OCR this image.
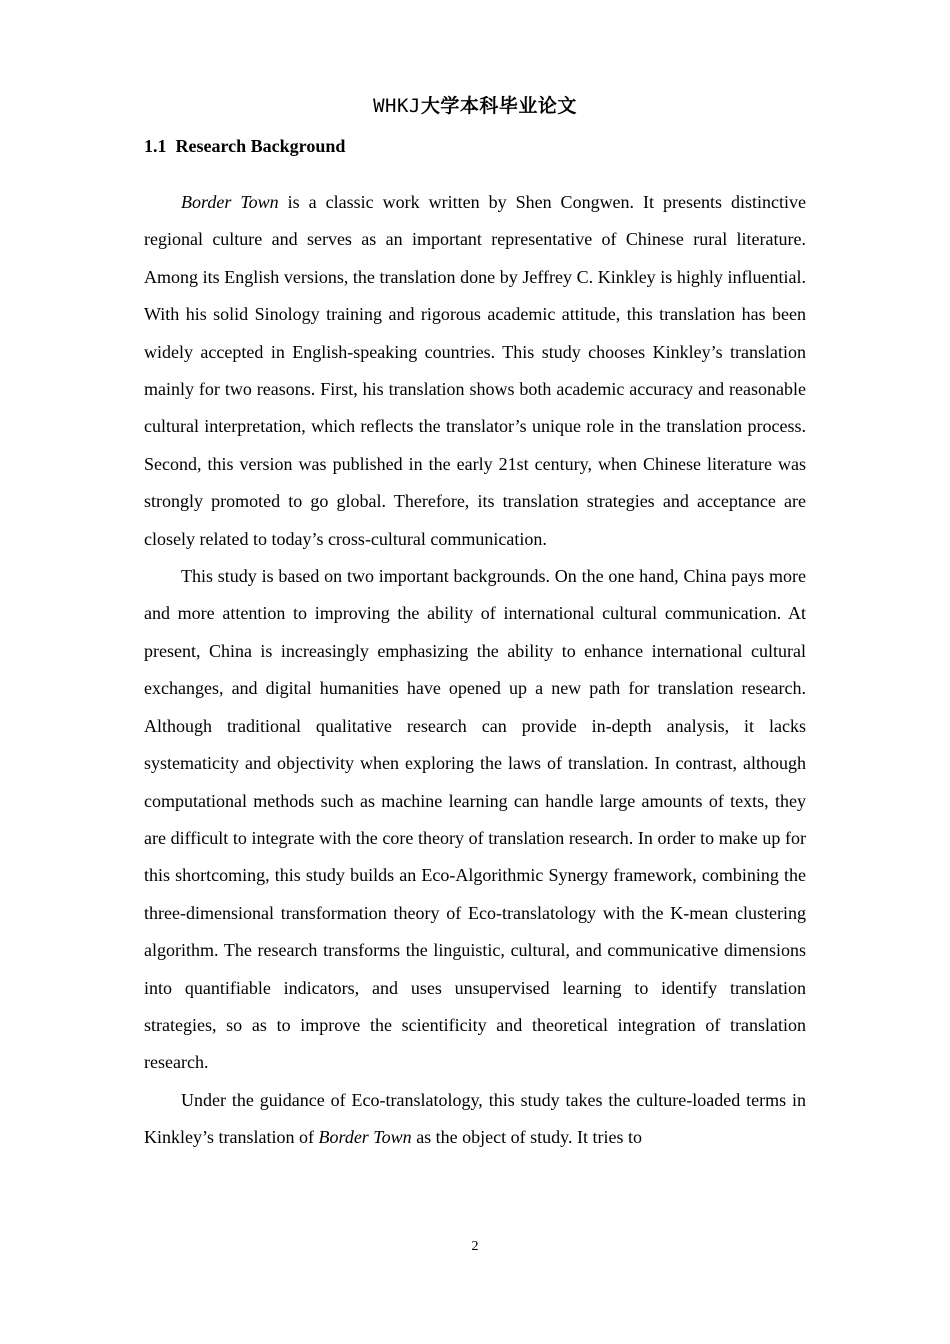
WHKJ大学本科毕业论文
1.1 Research Background

Border Town is a classic work written by Shen Congwen. It presents distinctive regional culture and serves as an important representative of Chinese rural literature. Among its English versions, the translation done by Jeffrey C. Kinkley is highly influential. With his solid Sinology training and rigorous academic attitude, this translation has been widely accepted in English-speaking countries. This study chooses Kinkley’s translation mainly for two reasons. First, his translation shows both academic accuracy and reasonable cultural interpretation, which reflects the translator’s unique role in the translation process. Second, this version was published in the early 21st century, when Chinese literature was strongly promoted to go global. Therefore, its translation strategies and acceptance are closely related to today’s cross-cultural communication.

This study is based on two important backgrounds. On the one hand, China pays more and more attention to improving the ability of international cultural communication. At present, China is increasingly emphasizing the ability to enhance international cultural exchanges, and digital humanities have opened up a new path for translation research. Although traditional qualitative research can provide in-depth analysis, it lacks systematicity and objectivity when exploring the laws of translation. In contrast, although computational methods such as machine learning can handle large amounts of texts, they are difficult to integrate with the core theory of translation research. In order to make up for this shortcoming, this study builds an Eco-Algorithmic Synergy framework, combining the three-dimensional transformation theory of Eco-translatology with the K-mean clustering algorithm. The research transforms the linguistic, cultural, and communicative dimensions into quantifiable indicators, and uses unsupervised learning to identify translation strategies, so as to improve the scientificity and theoretical integration of translation research.

Under the guidance of Eco-translatology, this study takes the culture-loaded terms in Kinkley’s translation of Border Town as the object of study. It tries to

2
